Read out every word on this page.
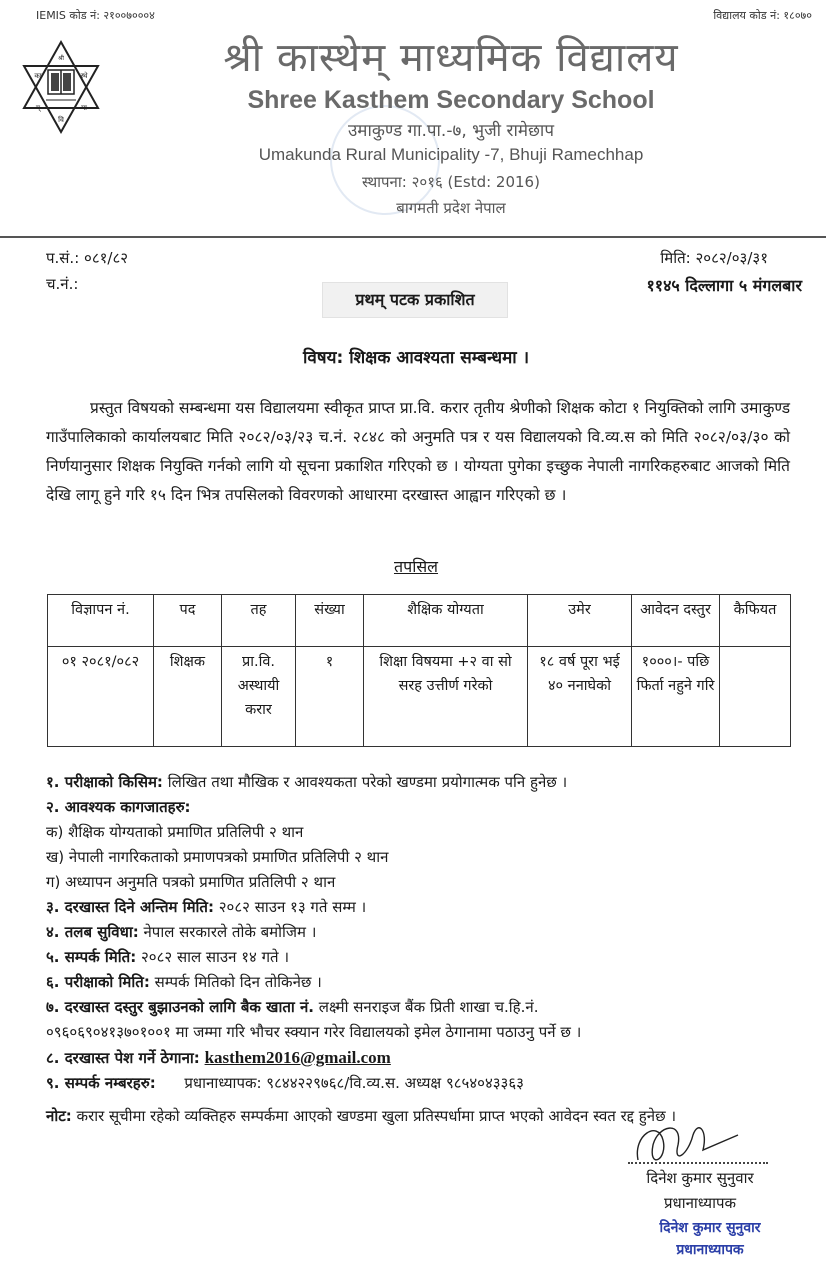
IEMIS कोड नं: २१००७०००४	विद्यालय कोड नं: १८०७०
श्री
का	स्थे
म्	मा
वि
श्री कास्थेम् माध्यमिक विद्यालय
Shree Kasthem Secondary School
उमाकुण्ड गा.पा.-७, भुजी रामेछाप
Umakunda Rural Municipality -7, Bhuji Ramechhap
स्थापना: २०१६ (Estd: 2016)
बागमती प्रदेश नेपाल
प.सं.: ०८१/८२
च.नं.:
मिति: २०८२/०३/३१
११४५ दिल्लागा ५ मंगलबार
प्रथम् पटक प्रकाशित
विषय: शिक्षक आवश्यता सम्बन्धमा ।
प्रस्तुत विषयको सम्बन्धमा यस विद्यालयमा स्वीकृत प्राप्त प्रा.वि. करार तृतीय श्रेणीको शिक्षक कोटा १ नियुक्तिको लागि उमाकुण्ड गाउँपालिकाको कार्यालयबाट मिति २०८२/०३/२३ च.नं. २८४८ को अनुमति पत्र र यस विद्यालयको वि.व्य.स को मिति २०८२/०३/३० को निर्णयानुसार शिक्षक नियुक्ति गर्नको लागि यो सूचना प्रकाशित गरिएको छ । योग्यता पुगेका इच्छुक नेपाली नागरिकहरुबाट आजको मिति देखि लागू हुने गरि १५ दिन भित्र तपसिलको विवरणको आधारमा दरखास्त आह्वान गरिएको छ ।
तपसिल
विज्ञापन नं.	पद	तह	संख्या	शैक्षिक योग्यता	उमेर	आवेदन दस्तुर	कैफियत
०१ २०८१/०८२	शिक्षक	प्रा.वि. अस्थायी करार	१	शिक्षा विषयमा +२ वा सो सरह उत्तीर्ण गरेको	१८ वर्ष पूरा भई ४० ननाघेको	१०००।- पछि फिर्ता नहुने गरि	
१. परीक्षाको किसिम: लिखित तथा मौखिक र आवश्यकता परेको खण्डमा प्रयोगात्मक पनि हुनेछ ।
२. आवश्यक कागजातहरु:
क) शैक्षिक योग्यताको प्रमाणित प्रतिलिपी २ थान
ख) नेपाली नागरिकताको प्रमाणपत्रको प्रमाणित प्रतिलिपी २ थान
ग) अध्यापन अनुमति पत्रको प्रमाणित प्रतिलिपी २ थान
३. दरखास्त दिने अन्तिम मिति: २०८२ साउन १३ गते सम्म ।
४. तलब सुविधा: नेपाल सरकारले तोके बमोजिम ।
५. सम्पर्क मिति: २०८२ साल साउन १४ गते ।
६. परीक्षाको मिति: सम्पर्क मितिको दिन तोकिनेछ ।
७. दरखास्त दस्तुर बुझाउनको लागि बैक खाता नं. लक्ष्मी सनराइज बैंक प्रिती शाखा च.हि.नं.
०९६०६९०४१३७०१००१ मा जम्मा गरि भौचर स्क्यान गरेर विद्यालयको इमेल ठेगानामा पठाउनु पर्ने छ ।
८. दरखास्त पेश गर्ने ठेगाना: kasthem2016@gmail.com
९. सम्पर्क नम्बरहरु:      प्रधानाध्यापक: ९८४४२२९७६८/वि.व्य.स. अध्यक्ष ९८५४०४३३६३
नोट: करार सूचीमा रहेको व्यक्तिहरु सम्पर्कमा आएको खण्डमा खुला प्रतिस्पर्धामा प्राप्त भएको आवेदन स्वत रद्द हुनेछ ।
दिनेश कुमार सुनुवार
प्रधानाध्यापक
दिनेश कुमार सुनुवार
प्रधानाध्यापक
